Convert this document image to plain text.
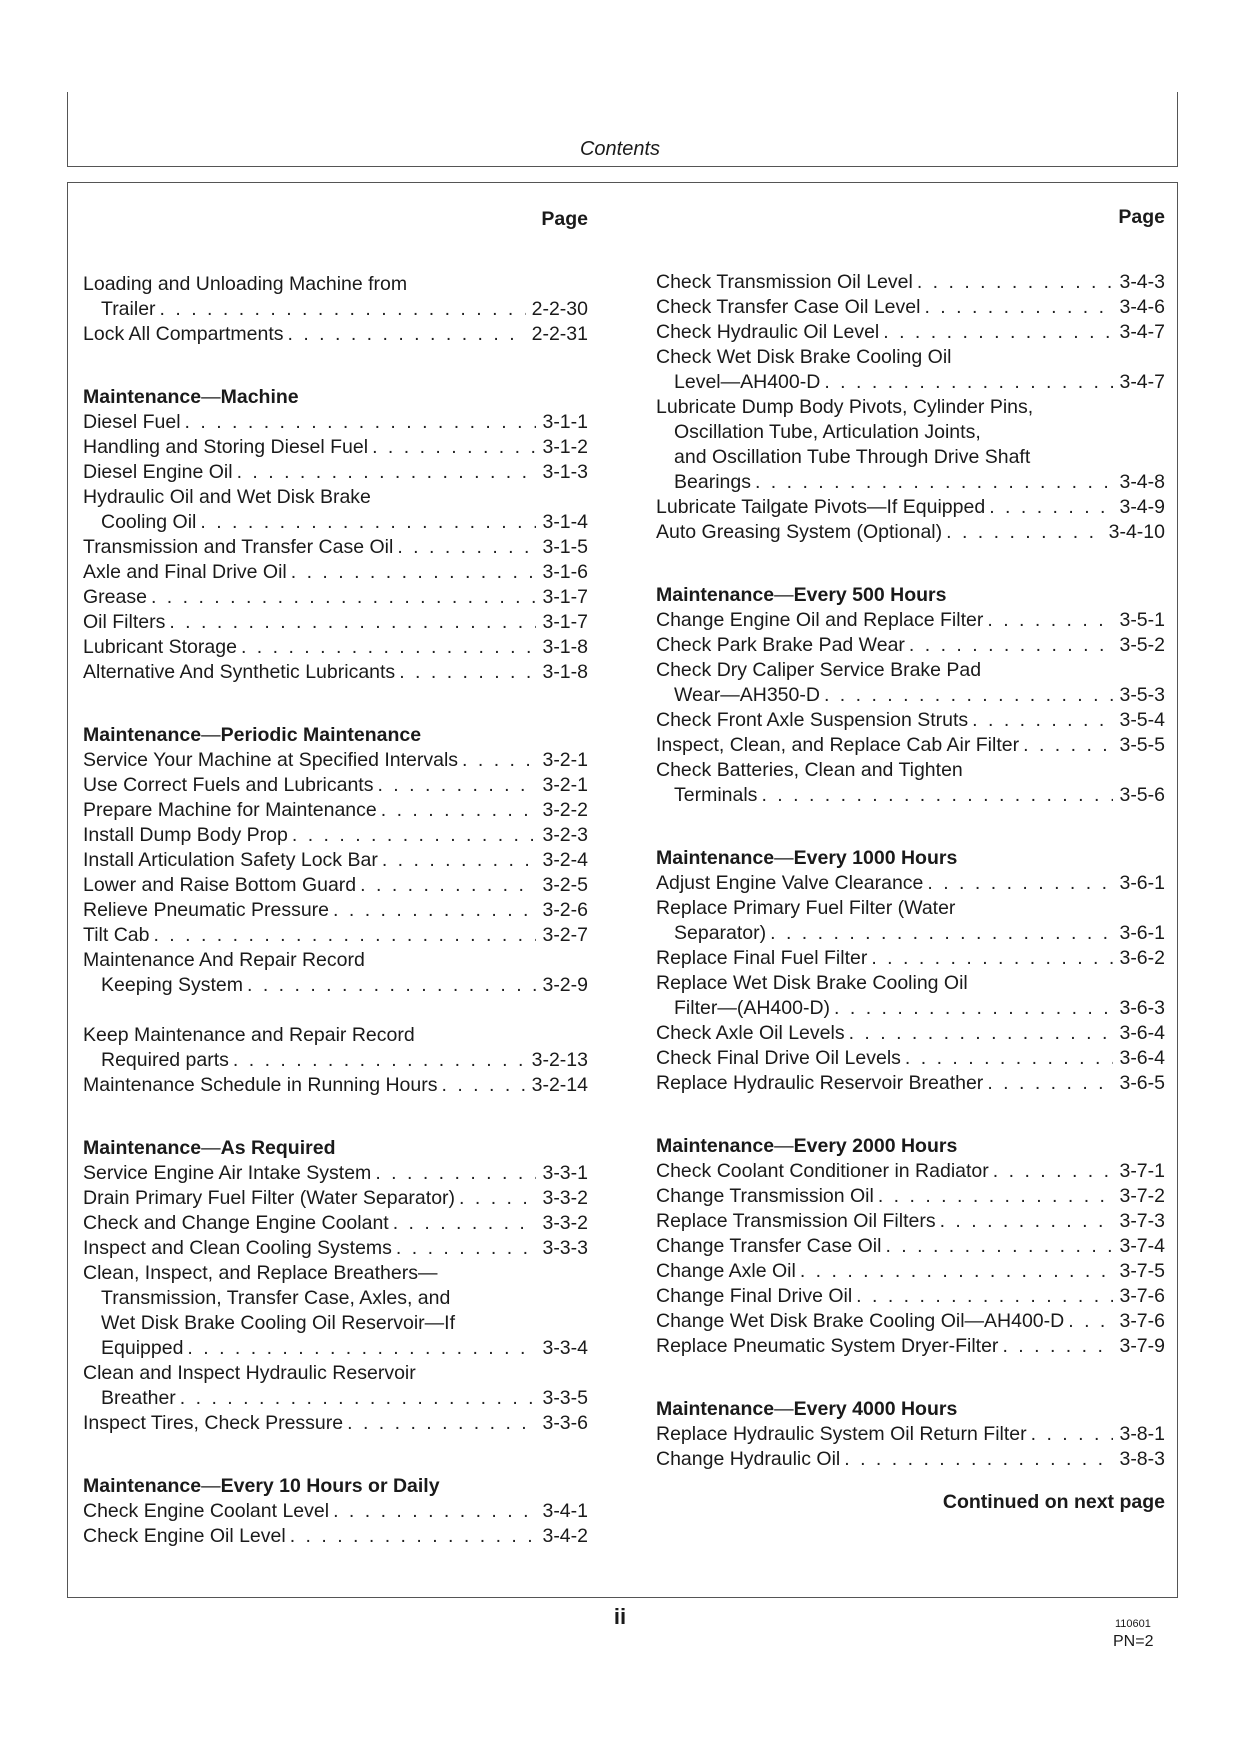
Contents
Page
Loading and Unloading Machine from
Trailer . . .	2-2-30
Lock All Compartments . . .	2-2-31
Maintenance—Machine
Diesel Fuel . . .	3-1-1
Handling and Storing Diesel Fuel . . .	3-1-2
Diesel Engine Oil . . .	3-1-3
Hydraulic Oil and Wet Disk Brake
Cooling Oil . . .	3-1-4
Transmission and Transfer Case Oil . . .	3-1-5
Axle and Final Drive Oil . . .	3-1-6
Grease . . .	3-1-7
Oil Filters . . .	3-1-7
Lubricant Storage . . .	3-1-8
Alternative And Synthetic Lubricants . . .	3-1-8
Maintenance—Periodic Maintenance
Service Your Machine at Specified Intervals . . .	3-2-1
Use Correct Fuels and Lubricants . . .	3-2-1
Prepare Machine for Maintenance . . .	3-2-2
Install Dump Body Prop . . .	3-2-3
Install Articulation Safety Lock Bar . . .	3-2-4
Lower and Raise Bottom Guard . . .	3-2-5
Relieve Pneumatic Pressure . . .	3-2-6
Tilt Cab . . .	3-2-7
Maintenance And Repair Record
Keeping System . . .	3-2-9
Keep Maintenance and Repair Record
Required parts . . .	3-2-13
Maintenance Schedule in Running Hours . . .	3-2-14
Maintenance—As Required
Service Engine Air Intake System . . .	3-3-1
Drain Primary Fuel Filter (Water Separator) . . .	3-3-2
Check and Change Engine Coolant . . .	3-3-2
Inspect and Clean Cooling Systems . . .	3-3-3
Clean, Inspect, and Replace Breathers—
Transmission, Transfer Case, Axles, and
Wet Disk Brake Cooling Oil Reservoir—If
Equipped . . .	3-3-4
Clean and Inspect Hydraulic Reservoir
Breather . . .	3-3-5
Inspect Tires, Check Pressure . . .	3-3-6
Maintenance—Every 10 Hours or Daily
Check Engine Coolant Level . . .	3-4-1
Check Engine Oil Level . . .	3-4-2
Page
Check Transmission Oil Level . . .	3-4-3
Check Transfer Case Oil Level . . .	3-4-6
Check Hydraulic Oil Level . . .	3-4-7
Check Wet Disk Brake Cooling Oil
Level—AH400-D . . .	3-4-7
Lubricate Dump Body Pivots, Cylinder Pins,
Oscillation Tube, Articulation Joints,
and Oscillation Tube Through Drive Shaft
Bearings . . .	3-4-8
Lubricate Tailgate Pivots—If Equipped . . .	3-4-9
Auto Greasing System (Optional) . . .	3-4-10
Maintenance—Every 500 Hours
Change Engine Oil and Replace Filter . . .	3-5-1
Check Park Brake Pad Wear . . .	3-5-2
Check Dry Caliper Service Brake Pad
Wear—AH350-D . . .	3-5-3
Check Front Axle Suspension Struts . . .	3-5-4
Inspect, Clean, and Replace Cab Air Filter . . .	3-5-5
Check Batteries, Clean and Tighten
Terminals . . .	3-5-6
Maintenance—Every 1000 Hours
Adjust Engine Valve Clearance . . .	3-6-1
Replace Primary Fuel Filter (Water
Separator) . . .	3-6-1
Replace Final Fuel Filter . . .	3-6-2
Replace Wet Disk Brake Cooling Oil
Filter—(AH400-D) . . .	3-6-3
Check Axle Oil Levels . . .	3-6-4
Check Final Drive Oil Levels . . .	3-6-4
Replace Hydraulic Reservoir Breather . . .	3-6-5
Maintenance—Every 2000 Hours
Check Coolant Conditioner in Radiator . . .	3-7-1
Change Transmission Oil . . .	3-7-2
Replace Transmission Oil Filters . . .	3-7-3
Change Transfer Case Oil . . .	3-7-4
Change Axle Oil . . .	3-7-5
Change Final Drive Oil . . .	3-7-6
Change Wet Disk Brake Cooling Oil—AH400-D . . .	3-7-6
Replace Pneumatic System Dryer-Filter . . .	3-7-9
Maintenance—Every 4000 Hours
Replace Hydraulic System Oil Return Filter . . .	3-8-1
Change Hydraulic Oil . . .	3-8-3
Continued on next page
ii	110601
PN=2
